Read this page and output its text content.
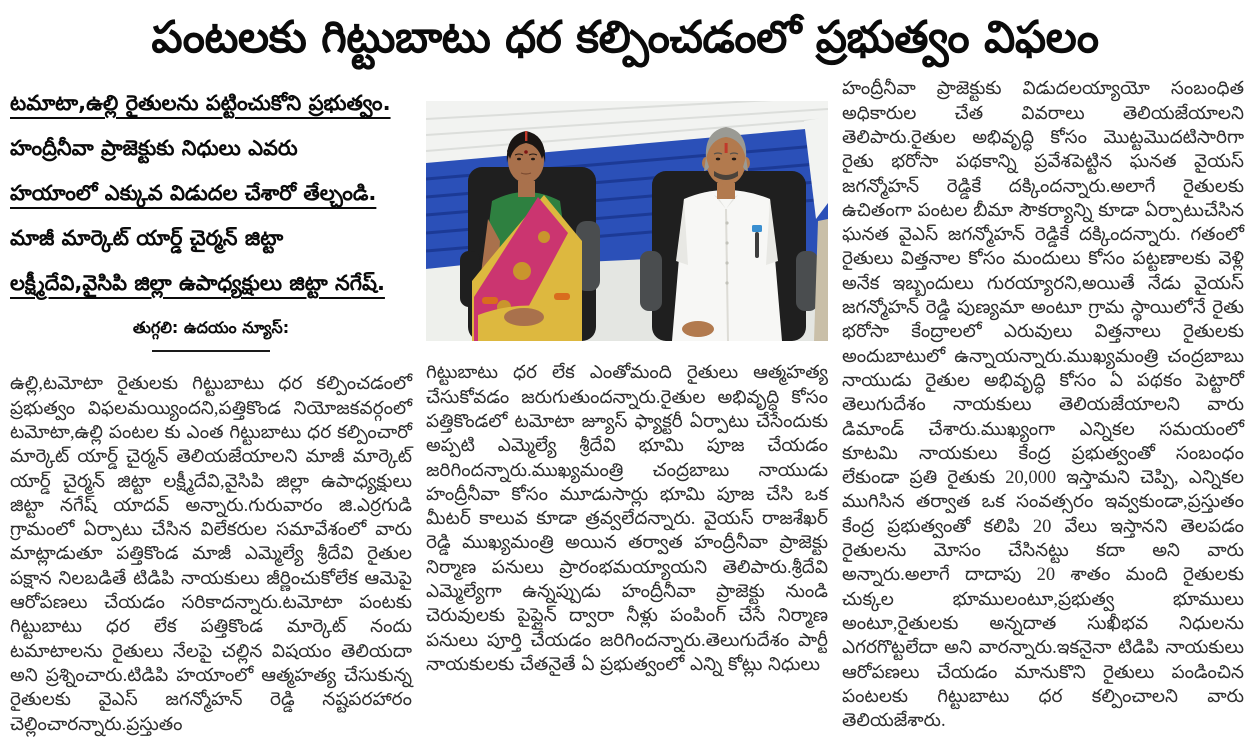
పంటలకు గిట్టుబాటు ధర కల్పించడంలో ప్రభుత్వం విఫలం
టమాటా,ఉల్లి రైతులను పట్టించుకోని ప్రభుత్వం.
హంద్రీనీవా ప్రాజెక్టుకు నిధులు ఎవరు
హయాంలో ఎక్కువ విడుదల చేశారో తేల్చండి.
మాజీ మార్కెట్ యార్డ్ చైర్మన్ జిట్టా
లక్ష్మీదేవి,వైసిపి జిల్లా ఉపాధ్యక్షులు జిట్టా నగేష్.
తుగ్గలి: ఉదయం న్యూస్:

ఉల్లి,టమోటా రైతులకు గిట్టుబాటు ధర కల్పించడంలో ప్రభుత్వం విఫలమయ్యిందని,పత్తికొండ నియోజకవర్గంలో టమోటా,ఉల్లి పంటల కు ఎంత గిట్టుబాటు ధర కల్పించారో మార్కెట్ యార్డ్ చైర్మన్ తెలియజేయాలని మాజీ మార్కెట్ యార్డ్ చైర్మన్ జిట్టా లక్ష్మీదేవి,వైసిపి జిల్లా ఉపాధ్యక్షులు జిట్టా నగేష్ యాదవ్ అన్నారు.గురువారం జి.ఎర్రగుడి గ్రామంలో ఏర్పాటు చేసిన విలేకరుల సమావేశంలో వారు మాట్లాడుతూ పత్తికొండ మాజీ ఎమ్మెల్యే శ్రీదేవి రైతుల పక్షాన నిలబడితే టిడిపి నాయకులు జీర్ణించుకోలేక ఆమెపై ఆరోపణలు చేయడం సరికాదన్నారు.టమోటా పంటకు గిట్టుబాటు ధర లేక పత్తికొండ మార్కెట్ నందు టమాటాలను రైతులు నేలపై చల్లిన విషయం తెలియదా అని ప్రశ్నించారు.టిడిపి హయాంలో ఆత్మహత్య చేసుకున్న రైతులకు వైఎస్ జగన్మోహన్ రెడ్డి నష్టపరహారం చెల్లించారన్నారు.ప్రస్తుతం

గిట్టుబాటు ధర లేక ఎంతోమంది రైతులు ఆత్మహత్య చేసుకోవడం జరుగుతుందన్నారు.రైతుల అభివృద్ధి కోసం పత్తికొండలో టమోటా జ్యూస్ ఫ్యాక్టరీ ఏర్పాటు చేసేందుకు అప్పటి ఎమ్మెల్యే శ్రీదేవి భూమి పూజ చేయడం జరిగిందన్నారు.ముఖ్యమంత్రి చంద్రబాబు నాయుడు హంద్రీనీవా కోసం మూడుసార్లు భూమి పూజ చేసి ఒక మీటర్ కాలువ కూడా త్రవ్వలేదన్నారు. వైయస్ రాజశేఖర్ రెడ్డి ముఖ్యమంత్రి అయిన తర్వాత హంద్రీనీవా ప్రాజెక్టు నిర్మాణ పనులు ప్రారంభమయ్యాయని తెలిపారు.శ్రీదేవి ఎమ్మెల్యేగా ఉన్నప్పుడు హంద్రీనీవా ప్రాజెక్టు నుండి చెరువులకు పైప్లైన్ ద్వారా నీళ్లు పంపింగ్ చేసే నిర్మాణ పనులు పూర్తి చేయడం జరిగిందన్నారు.తెలుగుదేశం పార్టీ నాయకులకు చేతనైతే ఏ ప్రభుత్వంలో ఎన్ని కోట్లు నిధులు

హంద్రీనీవా ప్రాజెక్టుకు విడుదలయ్యాయో సంబంధిత అధికారుల చేత వివరాలు తెలియజేయాలని తెలిపారు.రైతుల అభివృద్ధి కోసం మొట్టమొదటిసారిగా రైతు భరోసా పథకాన్ని ప్రవేశపెట్టిన ఘనత వైయస్ జగన్మోహన్ రెడ్డికే దక్కిందన్నారు.అలాగే రైతులకు ఉచితంగా పంటల బీమా సౌకర్యాన్ని కూడా ఏర్పాటుచేసిన ఘనత వైఎస్ జగన్మోహన్ రెడ్డికే దక్కిందన్నారు. గతంలో రైతులు విత్తనాల కోసం మందులు కోసం పట్టణాలకు వెళ్లి అనేక ఇబ్బందులు గురయ్యారని,అయితే నేడు వైయస్ జగన్మోహన్ రెడ్డి పుణ్యమా అంటూ గ్రామ స్థాయిలోనే రైతు భరోసా కేంద్రాలలో ఎరువులు విత్తనాలు రైతులకు అందుబాటులో ఉన్నాయన్నారు.ముఖ్యమంత్రి చంద్రబాబు నాయుడు రైతుల అభివృద్ధి కోసం ఏ పథకం పెట్టారో తెలుగుదేశం నాయకులు తెలియజేయాలని వారు డిమాండ్ చేశారు.ముఖ్యంగా ఎన్నికల సమయంలో కూటమి నాయకులు కేంద్ర ప్రభుత్వంతో సంబంధం లేకుండా ప్రతి రైతుకు 20,000 ఇస్తామని చెప్పి, ఎన్నికల ముగిసిన తర్వాత ఒక సంవత్సరం ఇవ్వకుండా,ప్రస్తుతం కేంద్ర ప్రభుత్వంతో కలిపి 20 వేలు ఇస్తానని తెలపడం రైతులను మోసం చేసినట్టు కదా అని వారు అన్నారు.అలాగే దాదాపు 20 శాతం మంది రైతులకు చుక్కల భూములంటూ,ప్రభుత్వ భూములు అంటూ,రైతులకు అన్నదాత సుఖీభవ నిధులను ఎగరగొట్టలేదా అని వారన్నారు.ఇకనైనా టిడిపి నాయకులు ఆరోపణలు చేయడం మానుకొని రైతులు పండించిన పంటలకు గిట్టుబాటు ధర కల్పించాలని వారు తెలియజేశారు.
